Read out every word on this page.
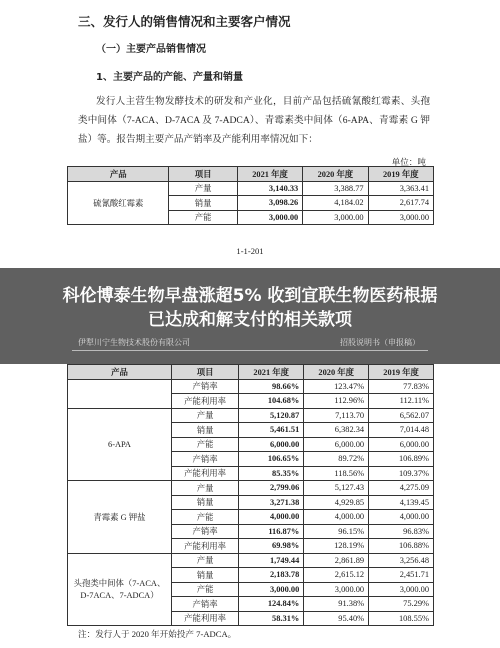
三、发行人的销售情况和主要客户情况
（一）主要产品销售情况
1、主要产品的产能、产量和销量
发行人主营生物发酵技术的研发和产业化，目前产品包括硫氰酸红霉素、头孢类中间体（7-ACA、D-7ACA 及 7-ADCA）、青霉素类中间体（6-APA、青霉素 G 钾盐）等。报告期主要产品产销率及产能利用率情况如下：
单位：吨
产品	项目	2021 年度	2020 年度	2019 年度
硫氰酸红霉素	产量	3,140.33	3,388.77	3,363.41
	销量	3,098.26	4,184.02	2,617.74
	产能	3,000.00	3,000.00	3,000.00
1-1-201
科伦博泰生物早盘涨超5% 收到宜联生物医药根据已达成和解支付的相关款项
伊犁川宁生物技术股份有限公司	招股说明书（申报稿）
产品	项目	2021 年度	2020 年度	2019 年度
	产销率	98.66%	123.47%	77.83%
	产能利用率	104.68%	112.96%	112.11%
6-APA	产量	5,120.87	7,113.70	6,562.07
	销量	5,461.51	6,382.34	7,014.48
	产能	6,000.00	6,000.00	6,000.00
	产销率	106.65%	89.72%	106.89%
	产能利用率	85.35%	118.56%	109.37%
青霉素 G 钾盐	产量	2,799.06	5,127.43	4,275.09
	销量	3,271.38	4,929.85	4,139.45
	产能	4,000.00	4,000.00	4,000.00
	产销率	116.87%	96.15%	96.83%
	产能利用率	69.98%	128.19%	106.88%
头孢类中间体（7-ACA、D-7ACA、7-ADCA）	产量	1,749.44	2,861.89	3,256.48
	销量	2,183.78	2,615.12	2,451.71
	产能	3,000.00	3,000.00	3,000.00
	产销率	124.84%	91.38%	75.29%
	产能利用率	58.31%	95.40%	108.55%
注：发行人于 2020 年开始投产 7-ADCA。
